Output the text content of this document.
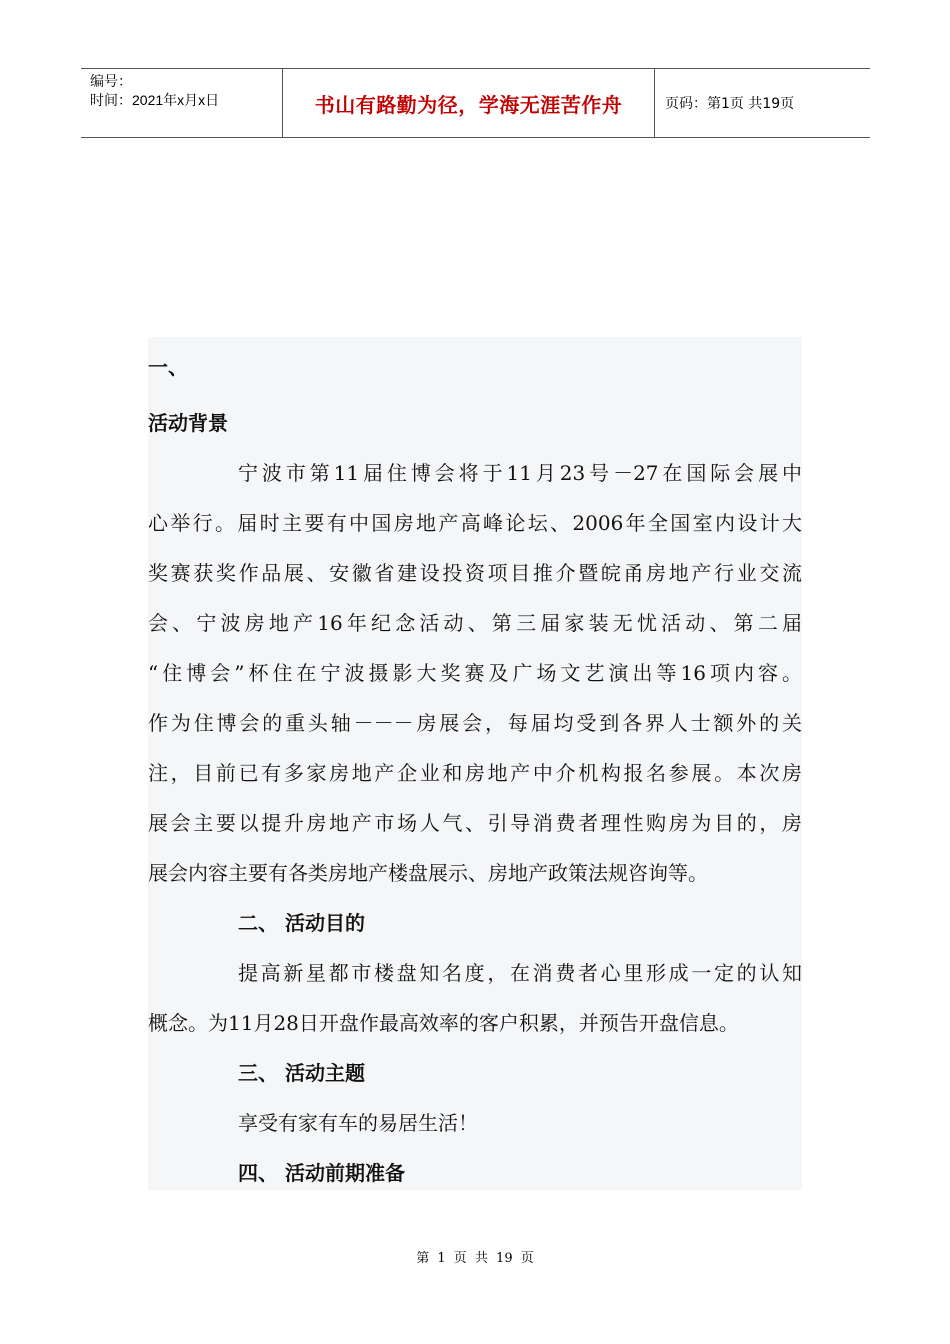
编号：
时间：2021年x月x日	书山有路勤为径，学海无涯苦作舟	页码：第1页 共19页
一、
活动背景
宁波市第11届住博会将于11月23号－27在国际会展中
心举行。届时主要有中国房地产高峰论坛、2006年全国室内设计大
奖赛获奖作品展、安徽省建设投资项目推介暨皖甬房地产行业交流
会、宁波房地产16年纪念活动、第三届家装无忧活动、第二届
“住博会”杯住在宁波摄影大奖赛及广场文艺演出等16项内容。
作为住博会的重头轴－－－房展会，每届均受到各界人士额外的关
注，目前已有多家房地产企业和房地产中介机构报名参展。本次房
展会主要以提升房地产市场人气、引导消费者理性购房为目的，房
展会内容主要有各类房地产楼盘展示、房地产政策法规咨询等。
二、 活动目的
提高新星都市楼盘知名度，在消费者心里形成一定的认知
概念。为11月28日开盘作最高效率的客户积累，并预告开盘信息。
三、 活动主题
享受有家有车的易居生活！
四、 活动前期准备
第 1 页 共 19 页
